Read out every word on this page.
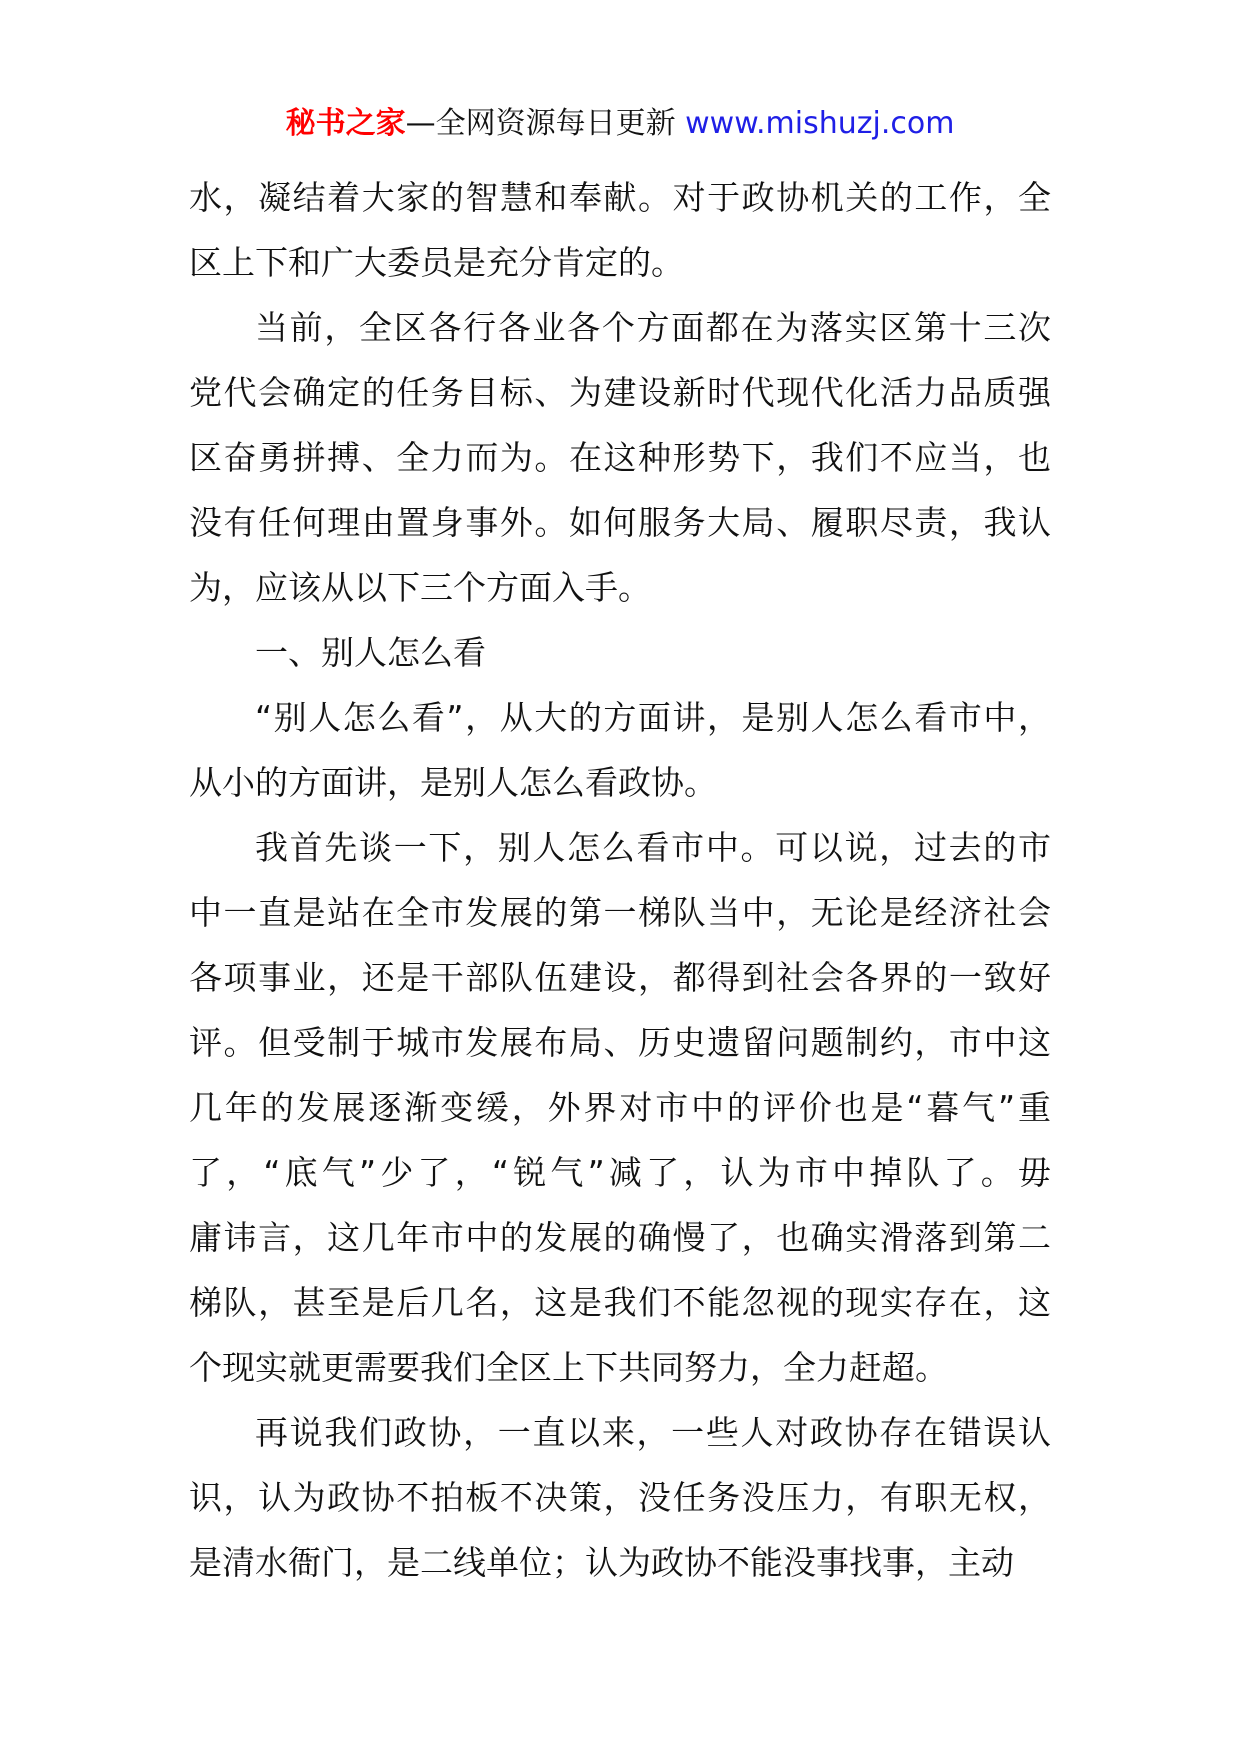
秘书之家—全网资源每日更新 www.mishuzj.com
水，凝结着大家的智慧和奉献。对于政协机关的工作，全
区上下和广大委员是充分肯定的。
当前，全区各行各业各个方面都在为落实区第十三次
党代会确定的任务目标、为建设新时代现代化活力品质强
区奋勇拼搏、全力而为。在这种形势下，我们不应当，也
没有任何理由置身事外。如何服务大局、履职尽责，我认
为，应该从以下三个方面入手。
一、别人怎么看
“别人怎么看”，从大的方面讲，是别人怎么看市中，
从小的方面讲，是别人怎么看政协。
我首先谈一下，别人怎么看市中。可以说，过去的市
中一直是站在全市发展的第一梯队当中，无论是经济社会
各项事业，还是干部队伍建设，都得到社会各界的一致好
评。但受制于城市发展布局、历史遗留问题制约，市中这
几年的发展逐渐变缓，外界对市中的评价也是“暮气”重
了，“底气”少了，“锐气”减了，认为市中掉队了。毋
庸讳言，这几年市中的发展的确慢了，也确实滑落到第二
梯队，甚至是后几名，这是我们不能忽视的现实存在，这
个现实就更需要我们全区上下共同努力，全力赶超。
再说我们政协，一直以来，一些人对政协存在错误认
识，认为政协不拍板不决策，没任务没压力，有职无权，
是清水衙门，是二线单位；认为政协不能没事找事，主动
